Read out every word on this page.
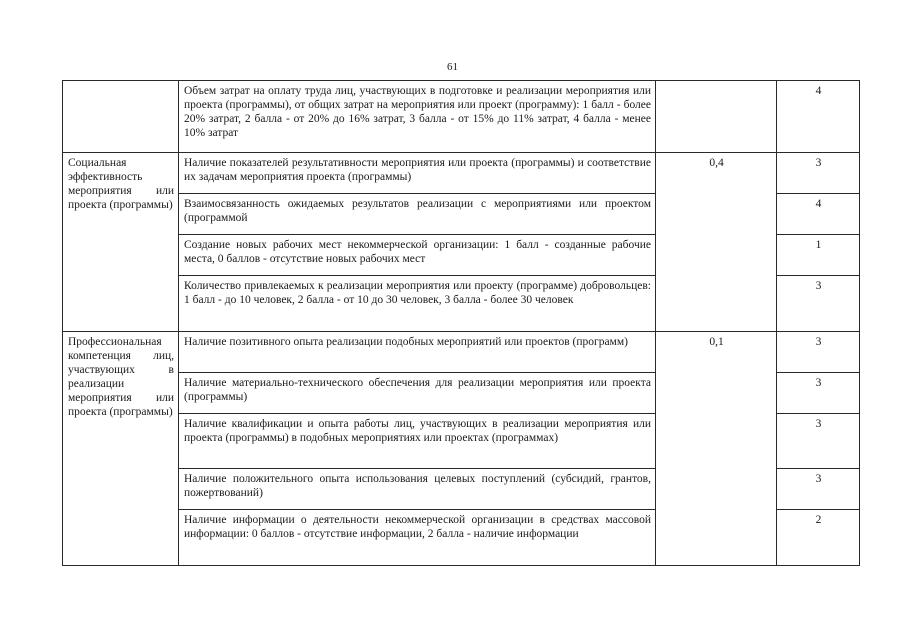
61
	Объем затрат на оплату труда лиц, участвующих в подготовке и реализации мероприятия или проекта (программы), от общих затрат на мероприятия или проект (программу): 1 балл - более 20% затрат, 2 балла - от 20% до 16% затрат, 3 балла - от 15% до 11% затрат, 4 балла - менее 10% затрат		4
Социальная эффективность мероприятия или проекта (программы)	Наличие показателей результативности мероприятия или проекта (программы) и соответствие их задачам мероприятия проекта (программы)	0,4	3
	Взаимосвязанность ожидаемых результатов реализации с мероприятиями или проектом (программой		4
	Создание новых рабочих мест некоммерческой организации: 1 балл - созданные рабочие места, 0 баллов - отсутствие новых рабочих мест		1
	Количество привлекаемых к реализации мероприятия или проекту (программе) добровольцев: 1 балл - до 10 человек, 2 балла - от 10 до 30 человек, 3 балла - более 30 человек		3
Профессиональная компетенция лиц, участвующих в реализации мероприятия или проекта (программы)	Наличие позитивного опыта реализации подобных мероприятий или проектов (программ)	0,1	3
	Наличие материально-технического обеспечения для реализации мероприятия или проекта (программы)		3
	Наличие квалификации и опыта работы лиц, участвующих в реализации мероприятия или проекта (программы) в подобных мероприятиях или проектах (программах)		3
	Наличие положительного опыта использования целевых поступлений (субсидий, грантов, пожертвований)		3
	Наличие информации о деятельности некоммерческой организации в средствах массовой информации: 0 баллов - отсутствие информации, 2 балла - наличие информации		2
